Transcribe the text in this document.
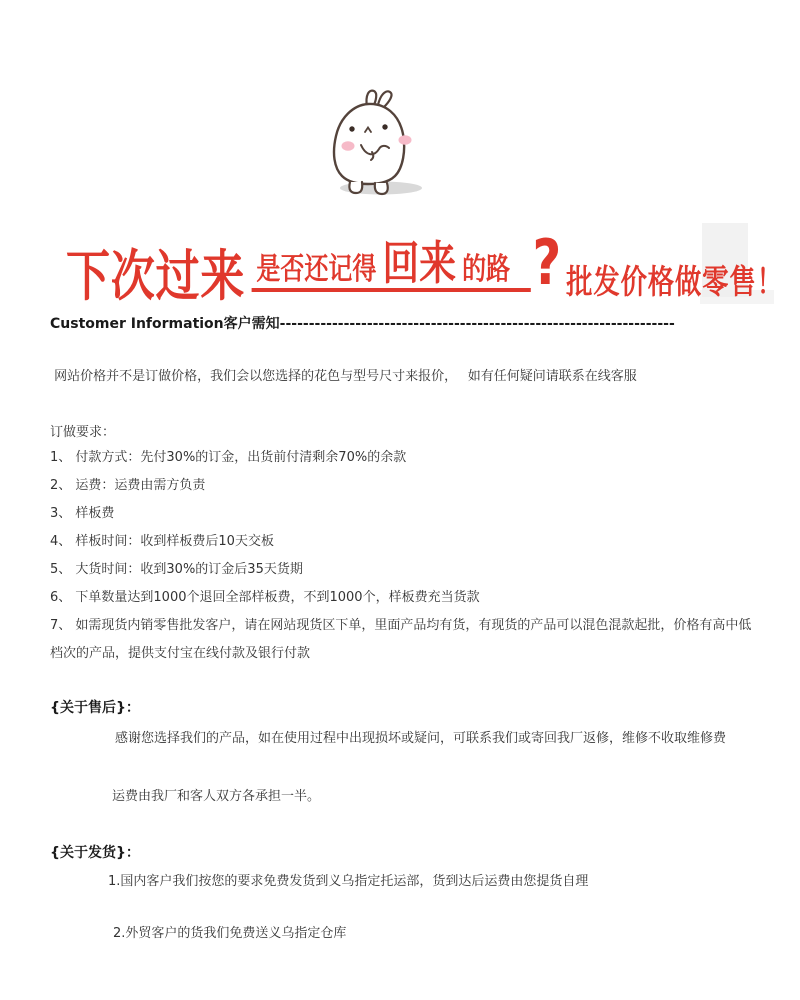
下次过来 是否还记得 回来 的路 ? 批发价格做零售！
Customer Information客户需知--------------------------------------------------------------------
网站价格并不是订做价格，我们会以您选择的花色与型号尺寸来报价，　 如有任何疑问请联系在线客服
订做要求：
1、 付款方式：先付30%的订金，出货前付清剩余70%的余款
2、 运费：运费由需方负责
3、 样板费
4、 样板时间：收到样板费后10天交板
5、 大货时间：收到30%的订金后35天货期
6、 下单数量达到1000个退回全部样板费，不到1000个，样板费充当货款
7、 如需现货内销零售批发客户，请在网站现货区下单，里面产品均有货，有现货的产品可以混色混款起批，价格有高中低档次的产品，提供支付宝在线付款及银行付款
{关于售后}：
感谢您选择我们的产品，如在使用过程中出现损坏或疑问，可联系我们或寄回我厂返修，维修不收取维修费
运费由我厂和客人双方各承担一半。
{关于发货}：
1.国内客户我们按您的要求免费发货到义乌指定托运部，货到达后运费由您提货自理
2.外贸客户的货我们免费送义乌指定仓库
